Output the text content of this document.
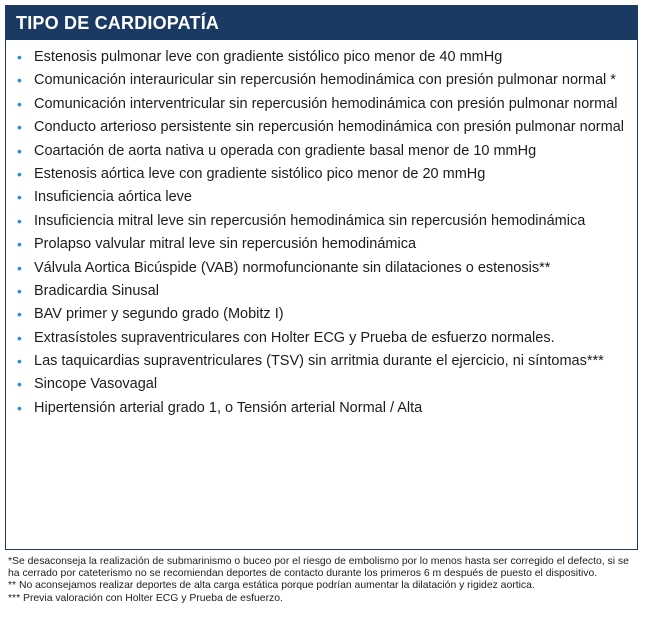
TIPO DE CARDIOPATÍA
• Estenosis pulmonar leve con gradiente sistólico pico menor de 40 mmHg
• Comunicación interauricular sin repercusión hemodinámica con presión pulmonar normal *
• Comunicación interventricular sin repercusión hemodinámica con presión pulmonar normal
• Conducto arterioso persistente sin repercusión hemodinámica con presión pulmonar normal
• Coartación de aorta nativa u operada con gradiente basal menor de 10 mmHg
• Estenosis aórtica leve con gradiente sistólico pico menor de 20 mmHg
• Insuficiencia aórtica leve
• Insuficiencia mitral leve sin repercusión hemodinámica sin repercusión hemodinámica
• Prolapso valvular mitral leve sin repercusión hemodinámica
• Válvula Aortica Bicúspide (VAB) normofuncionante sin dilataciones o estenosis**
• Bradicardia Sinusal
• BAV primer y segundo grado (Mobitz I)
• Extrasístoles supraventriculares con Holter ECG y Prueba de esfuerzo normales.
• Las taquicardias supraventriculares (TSV) sin arritmia durante el ejercicio, ni síntomas***
• Sincope Vasovagal
• Hipertensión arterial grado 1, o Tensión arterial Normal / Alta

*Se desaconseja la realización de submarinismo o buceo por el riesgo de embolismo por lo menos hasta ser corregido el defecto, si se ha cerrado por cateterismo no se recomiendan deportes de contacto durante los primeros 6 m después de puesto el dispositivo.

** No aconsejamos realizar deportes de alta carga estática porque podrían aumentar la dilatación y rigidez aortica.

*** Previa valoración con Holter ECG y Prueba de esfuerzo.
